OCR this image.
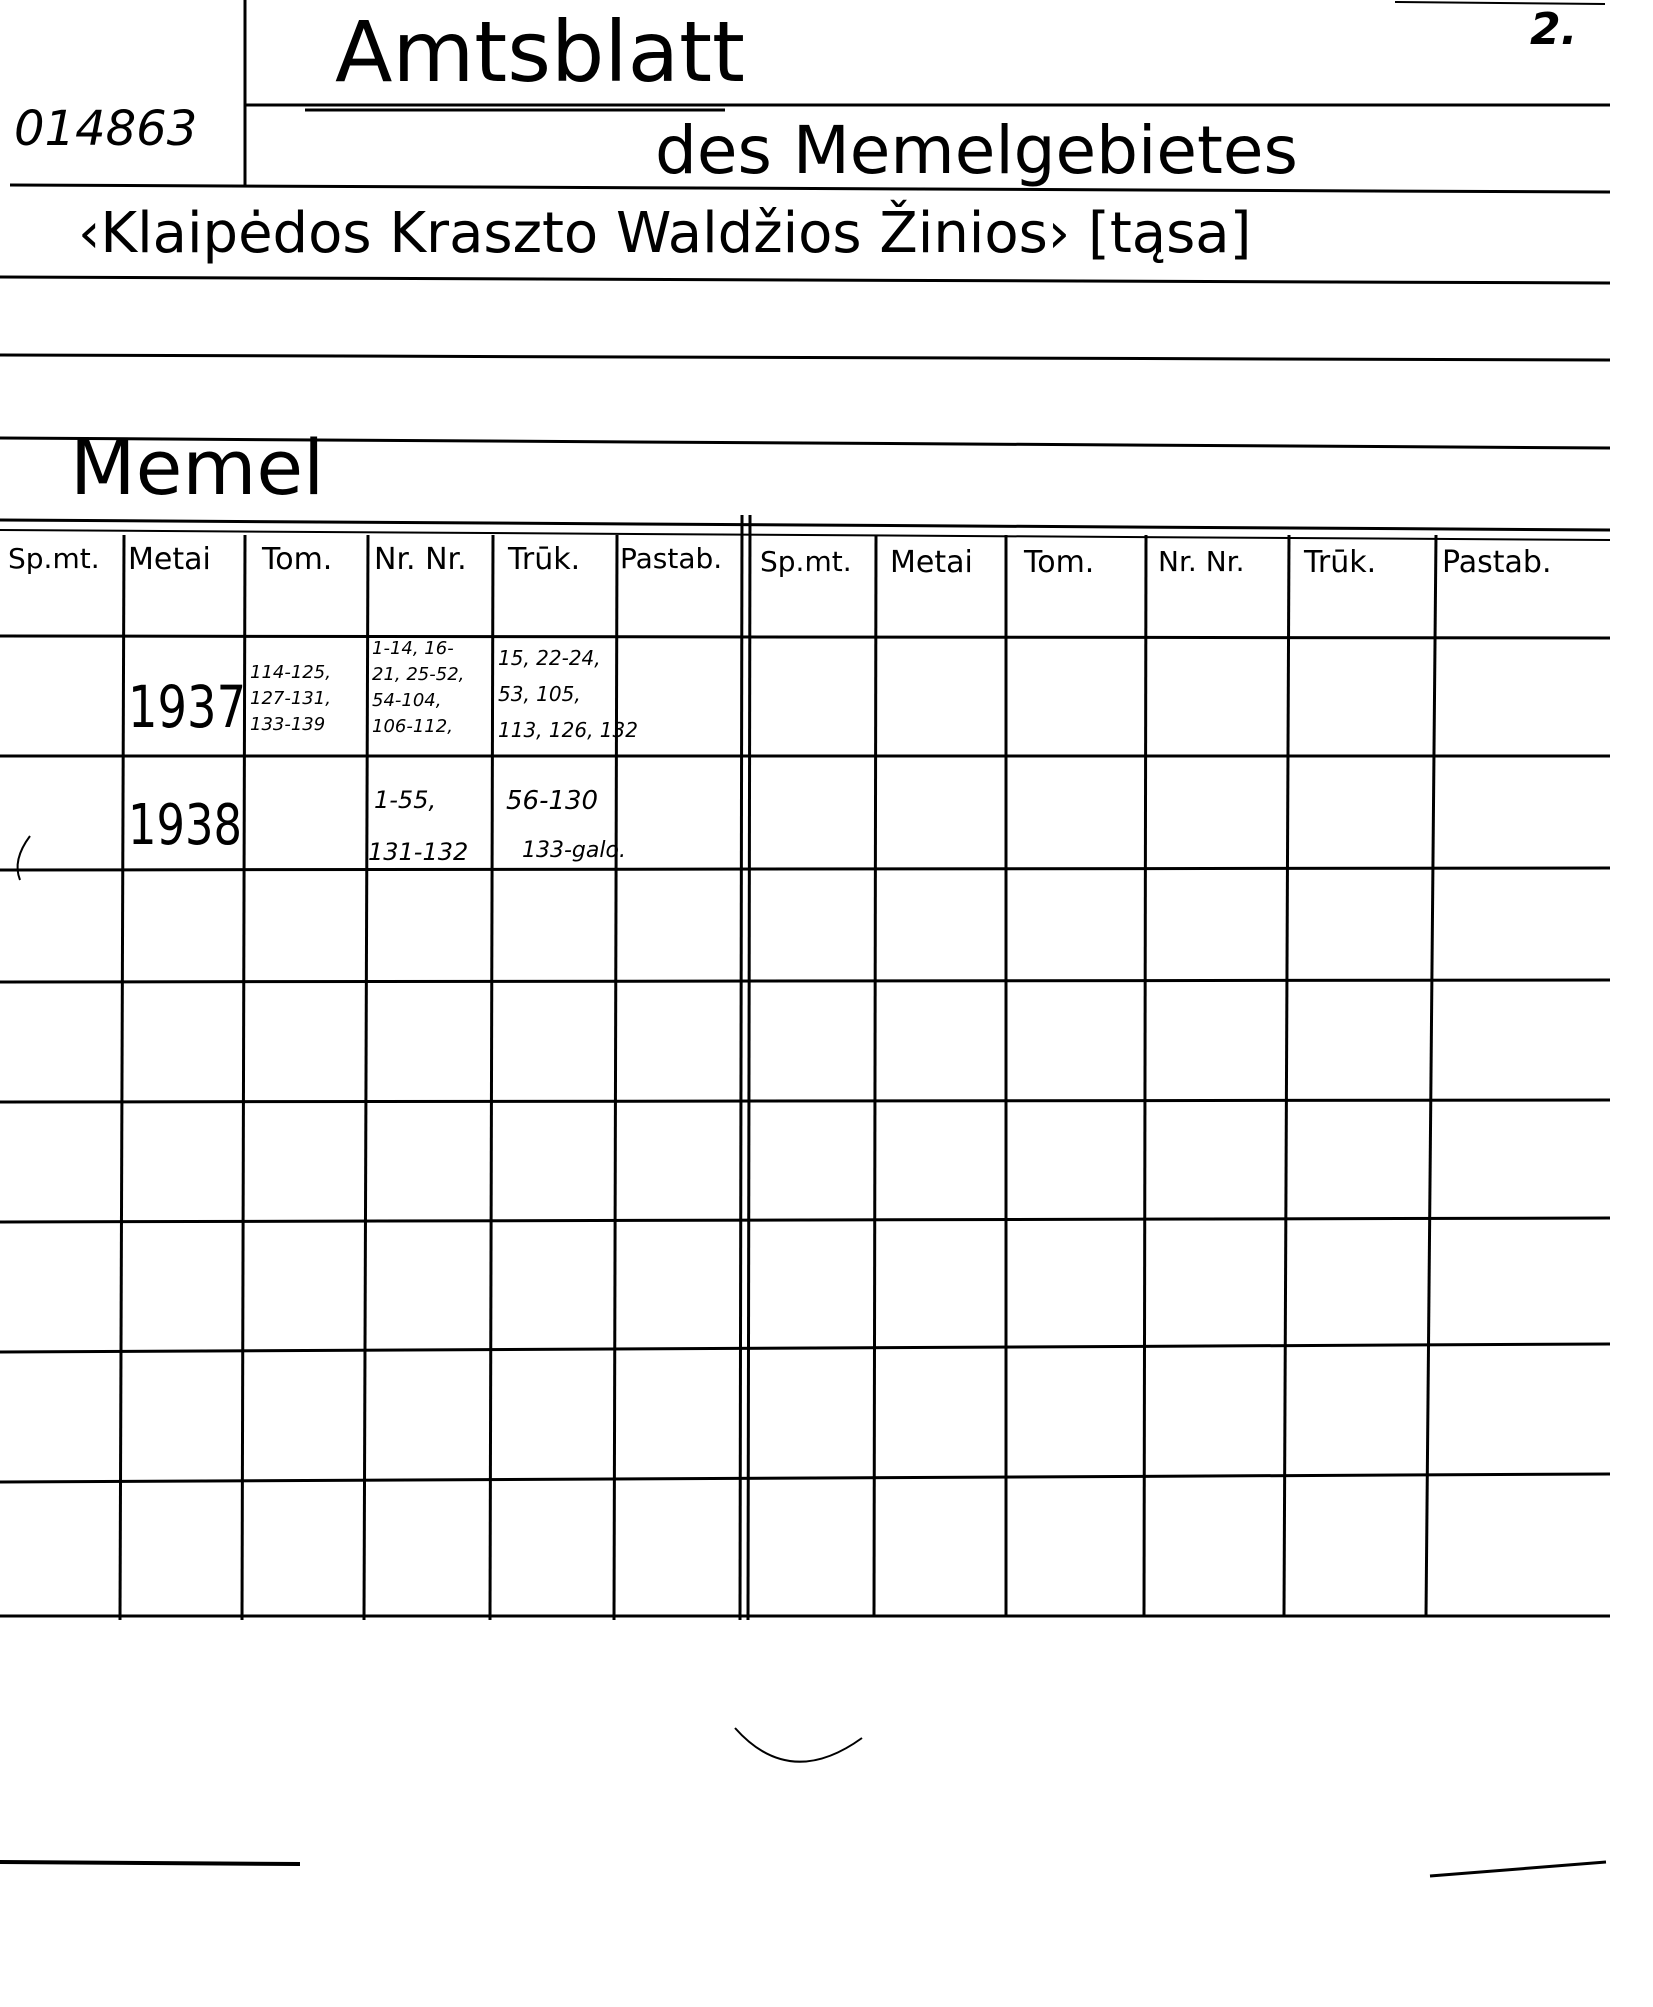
014863
2.
Amtsblatt
des Memelgebietes
‹Klaipėdos Kraszto Waldžios Žinios› [tąsa]
Memel
Sp.mt. Metai Tom. Nr. Nr. Trūk. Pastab. Sp.mt. Metai Tom. Nr. Nr. Trūk. Pastab.
1937
114-125,
127-131,
133-139
1-14, 16-
21, 25-52,
54-104,
106-112,
15, 22-24,
53, 105,
113, 126, 132
1938	1-55,
131-132
56-130
133-galo.
